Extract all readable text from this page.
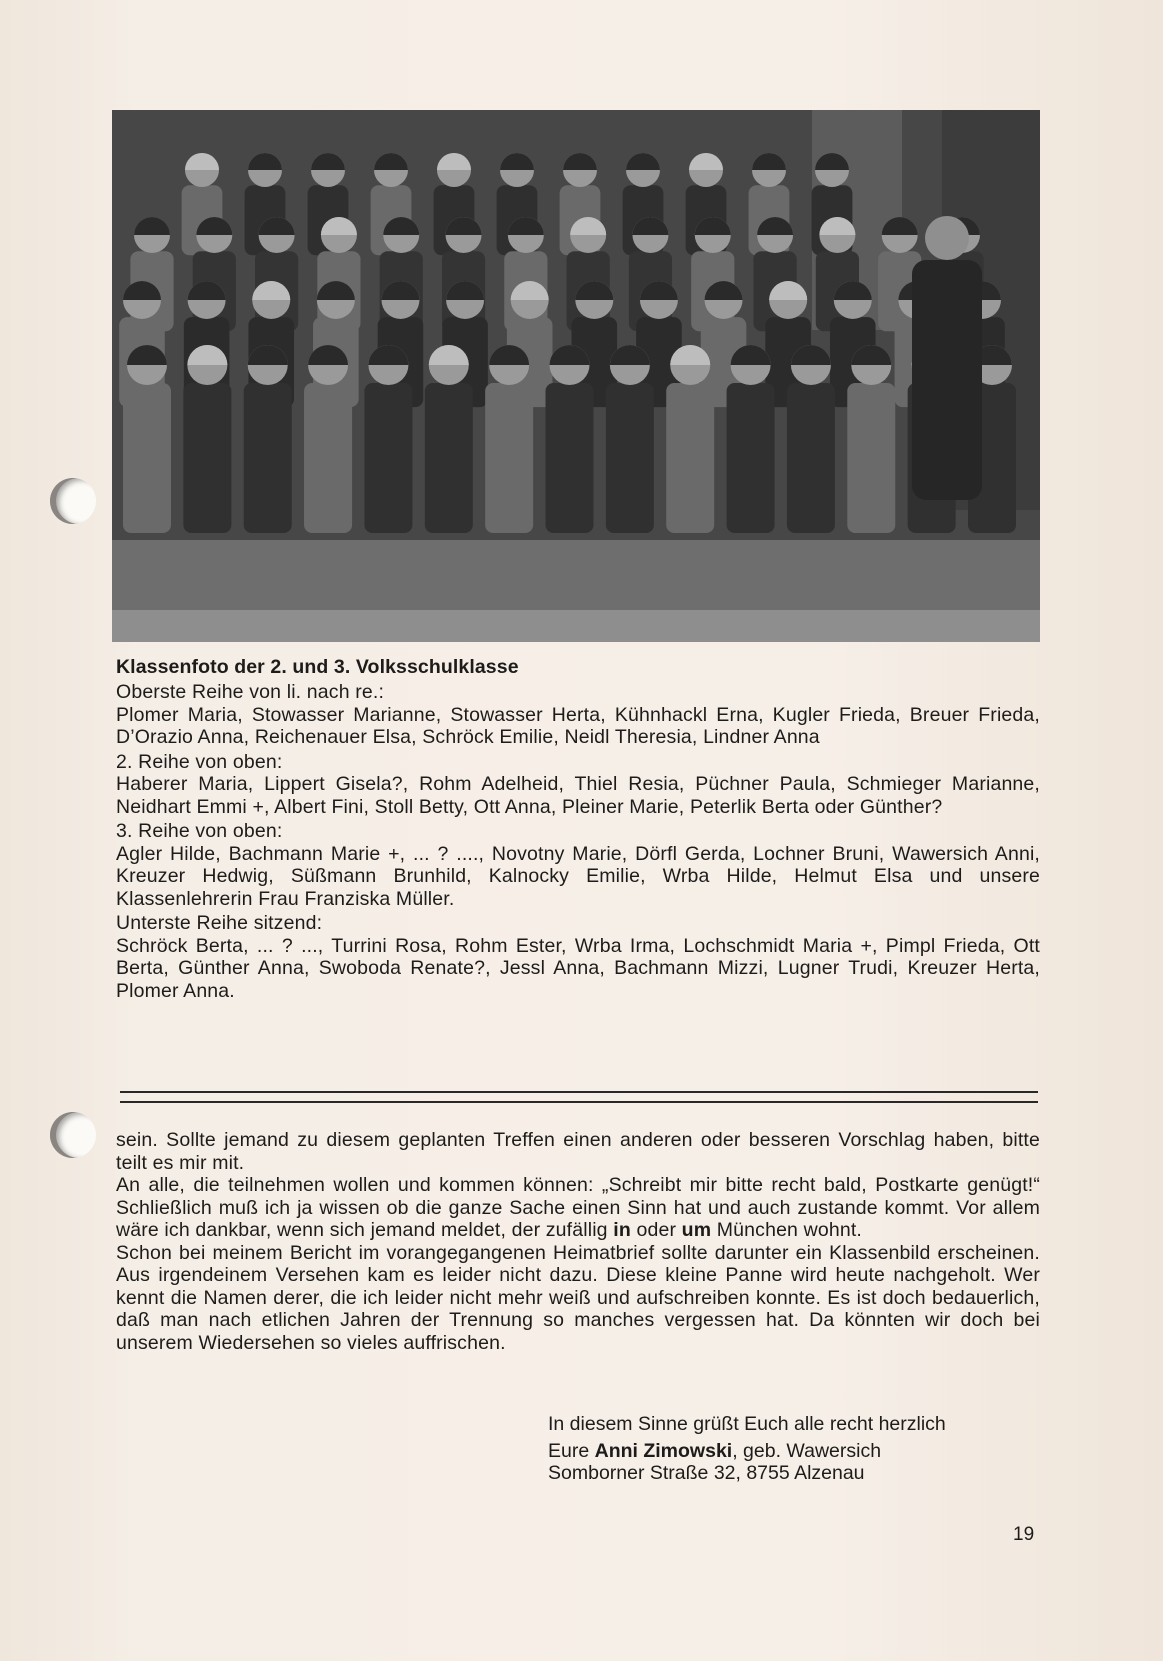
Klassenfoto der 2. und 3. Volksschulklasse

Oberste Reihe von li. nach re.:

Plomer Maria, Stowasser Marianne, Stowasser Herta, Kühnhackl Erna, Kugler Frieda, Breuer Frieda, D’Orazio Anna, Reichenauer Elsa, Schröck Emilie, Neidl Theresia, Lindner Anna

2. Reihe von oben:

Haberer Maria, Lippert Gisela?, Rohm Adelheid, Thiel Resia, Püchner Paula, Schmieger Marianne, Neidhart Emmi +, Albert Fini, Stoll Betty, Ott Anna, Pleiner Marie, Peterlik Berta oder Günther?

3. Reihe von oben:

Agler Hilde, Bachmann Marie +, ... ? ...., Novotny Marie, Dörfl Gerda, Lochner Bruni, Wawersich Anni, Kreuzer Hedwig, Süßmann Brunhild, Kalnocky Emilie, Wrba Hilde, Helmut Elsa und unsere Klassenlehrerin Frau Franziska Müller.

Unterste Reihe sitzend:

Schröck Berta, ... ? ..., Turrini Rosa, Rohm Ester, Wrba Irma, Lochschmidt Maria +, Pimpl Frieda, Ott Berta, Günther Anna, Swoboda Renate?, Jessl Anna, Bachmann Mizzi, Lugner Trudi, Kreuzer Herta, Plomer Anna.

sein. Sollte jemand zu diesem geplanten Treffen einen anderen oder besseren Vorschlag haben, bitte teilt es mir mit.

An alle, die teilnehmen wollen und kommen können: „Schreibt mir bitte recht bald, Postkarte genügt!“ Schließlich muß ich ja wissen ob die ganze Sache einen Sinn hat und auch zustande kommt. Vor allem wäre ich dankbar, wenn sich jemand meldet, der zufällig in oder um München wohnt.

Schon bei meinem Bericht im vorangegangenen Heimatbrief sollte darunter ein Klassenbild erscheinen. Aus irgendeinem Versehen kam es leider nicht dazu. Diese kleine Panne wird heute nachgeholt. Wer kennt die Namen derer, die ich leider nicht mehr weiß und aufschreiben konnte. Es ist doch bedauerlich, daß man nach etlichen Jahren der Trennung so manches vergessen hat. Da könnten wir doch bei unserem Wiedersehen so vieles auffrischen.

In diesem Sinne grüßt Euch alle recht herzlich
Eure Anni Zimowski, geb. Wawersich
Somborner Straße 32, 8755 Alzenau
19
